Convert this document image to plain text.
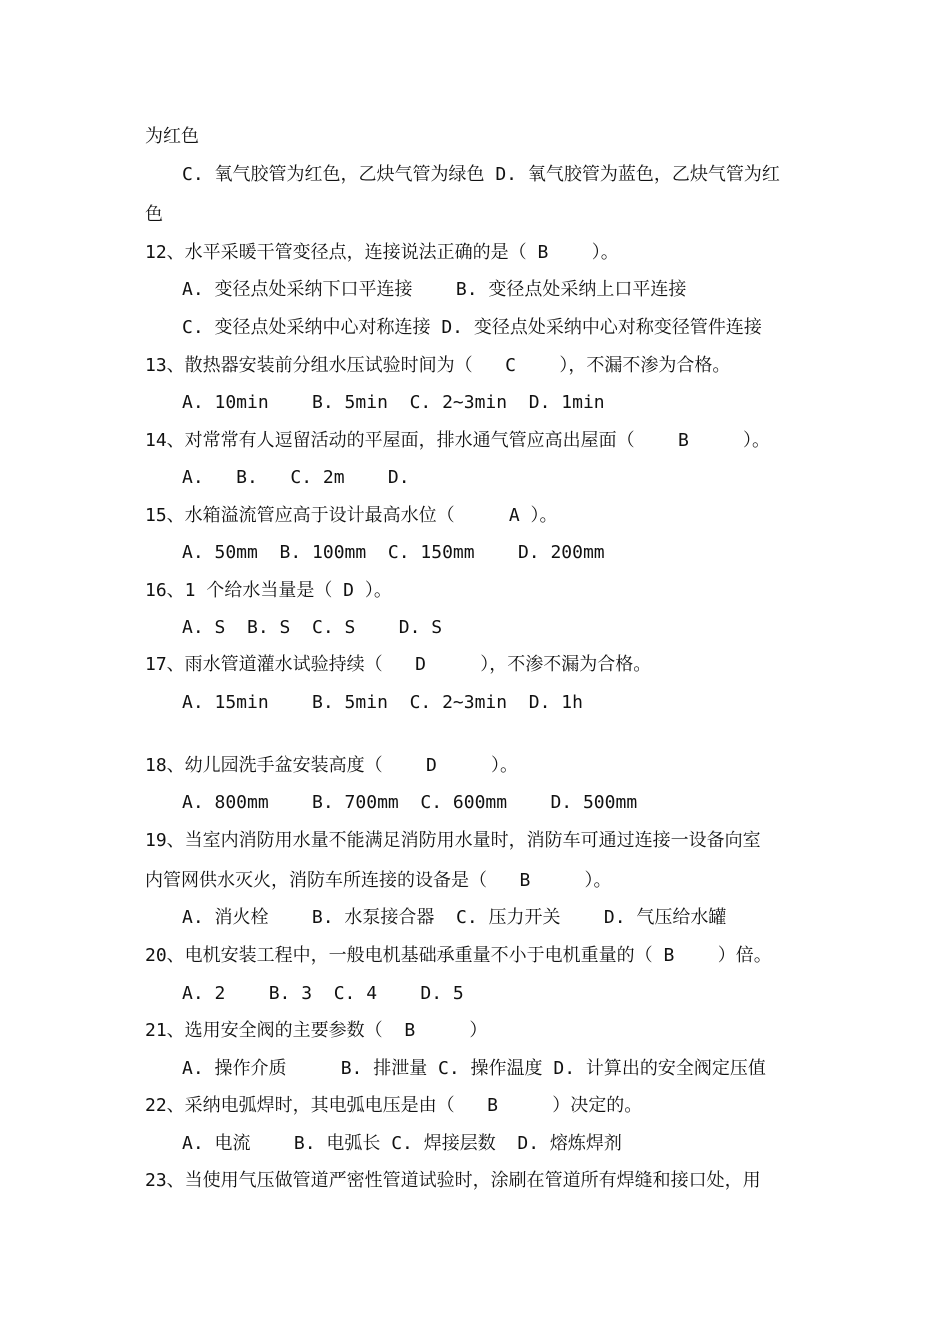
为红色
C. 氧气胶管为红色，乙炔气管为绿色 D. 氧气胶管为蓝色，乙炔气管为红
色
12、水平采暖干管变径点，连接说法正确的是（ B    ）。
A. 变径点处采纳下口平连接    B. 变径点处采纳上口平连接
C. 变径点处采纳中心对称连接 D. 变径点处采纳中心对称变径管件连接
13、散热器安装前分组水压试验时间为（   C    ），不漏不渗为合格。
A. 10min    B. 5min  C. 2~3min  D. 1min
14、对常常有人逗留活动的平屋面，排水通气管应高出屋面（    B     ）。
A.   B.   C. 2m    D.
15、水箱溢流管应高于设计最高水位（     A ）。
A. 50mm  B. 100mm  C. 150mm    D. 200mm
16、1 个给水当量是（ D ）。
A. S  B. S  C. S    D. S
17、雨水管道灌水试验持续（   D     ），不渗不漏为合格。
A. 15min    B. 5min  C. 2~3min  D. 1h
18、幼儿园洗手盆安装高度（    D     ）。
A. 800mm    B. 700mm  C. 600mm    D. 500mm
19、当室内消防用水量不能满足消防用水量时，消防车可通过连接一设备向室
内管网供水灭火，消防车所连接的设备是（   B     ）。
A. 消火栓    B. 水泵接合器  C. 压力开关    D. 气压给水罐
20、电机安装工程中，一般电机基础承重量不小于电机重量的（ B    ）倍。
A. 2    B. 3  C. 4    D. 5
21、选用安全阀的主要参数（  B     ）
A. 操作介质     B. 排泄量 C. 操作温度 D. 计算出的安全阀定压值
22、采纳电弧焊时，其电弧电压是由（   B     ）决定的。
A. 电流    B. 电弧长 C. 焊接层数  D. 熔炼焊剂
23、当使用气压做管道严密性管道试验时，涂刷在管道所有焊缝和接口处，用
